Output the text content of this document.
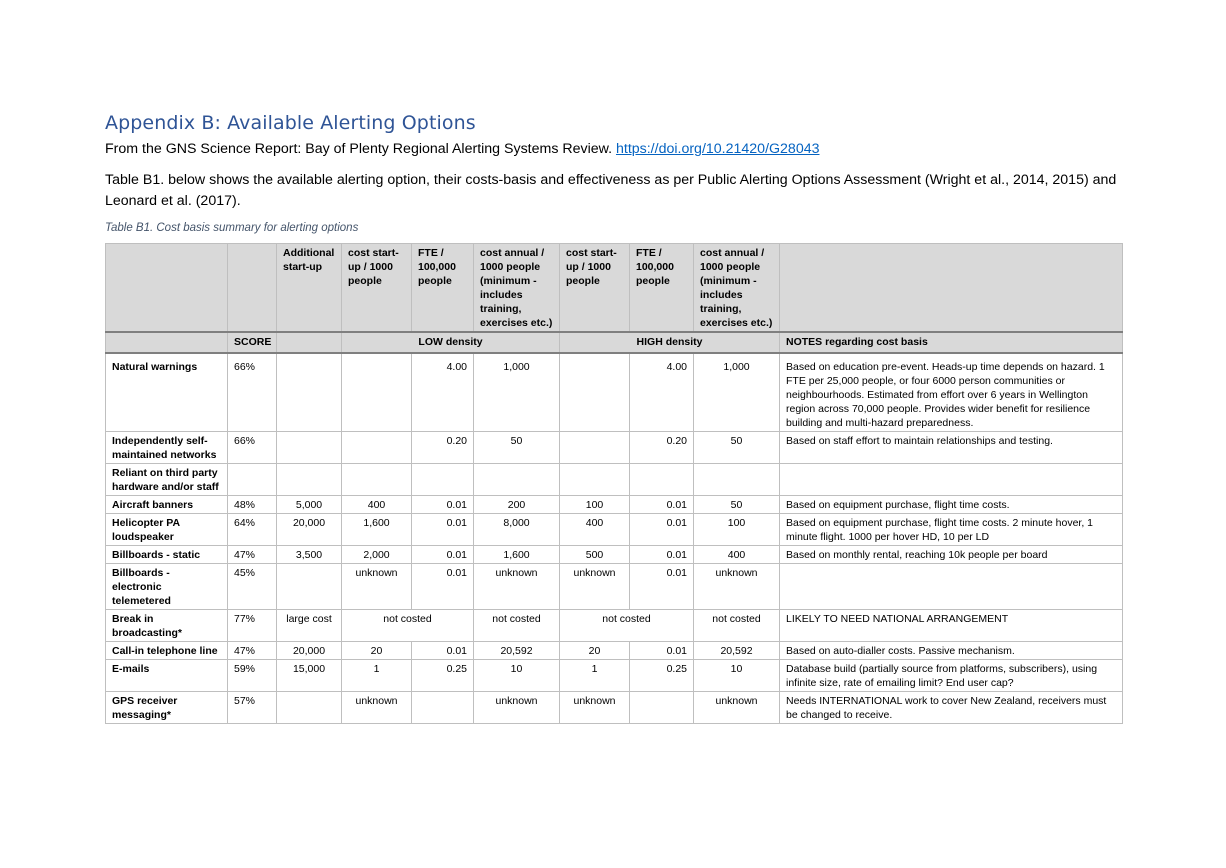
Appendix B: Available Alerting Options

From the GNS Science Report: Bay of Plenty Regional Alerting Systems Review. https://doi.org/10.21420/G28043

Table B1. below shows the available alerting option, their costs-basis and effectiveness as per Public Alerting Options Assessment (Wright et al., 2014, 2015) and Leonard et al. (2017).

Table B1. Cost basis summary for alerting options
		Additional start-up	cost start-up / 1000 people	FTE / 100,000 people	cost annual / 1000 people (minimum - includes training, exercises etc.)	cost start-up / 1000 people	FTE / 100,000 people	cost annual / 1000 people (minimum - includes training, exercises etc.)	
	SCORE		LOW density			HIGH density			NOTES regarding cost basis
Natural warnings	66%			4.00	1,000		4.00	1,000	Based on education pre-event. Heads-up time depends on hazard. 1 FTE per 25,000 people, or four 6000 person communities or neighbourhoods. Estimated from effort over 6 years in Wellington region across 70,000 people. Provides wider benefit for resilience building and multi-hazard preparedness.
Independently self-maintained networks	66%			0.20	50		0.20	50	Based on staff effort to maintain relationships and testing.
Reliant on third party hardware and/or staff									
Aircraft banners	48%	5,000	400	0.01	200	100	0.01	50	Based on equipment purchase, flight time costs.
Helicopter PA loudspeaker	64%	20,000	1,600	0.01	8,000	400	0.01	100	Based on equipment purchase, flight time costs. 2 minute hover, 1 minute flight. 1000 per hover HD, 10 per LD
Billboards - static	47%	3,500	2,000	0.01	1,600	500	0.01	400	Based on monthly rental, reaching 10k people per board
Billboards - electronic telemetered	45%		unknown	0.01	unknown	unknown	0.01	unknown	
Break in broadcasting*	77%	large cost	not costed		not costed	not costed		not costed	LIKELY TO NEED NATIONAL ARRANGEMENT
Call-in telephone line	47%	20,000	20	0.01	20,592	20	0.01	20,592	Based on auto-dialler costs. Passive mechanism.
E-mails	59%	15,000	1	0.25	10	1	0.25	10	Database build (partially source from platforms, subscribers), using infinite size, rate of emailing limit? End user cap?
GPS receiver messaging*	57%		unknown		unknown	unknown		unknown	Needs INTERNATIONAL work to cover New Zealand, receivers must be changed to receive.
